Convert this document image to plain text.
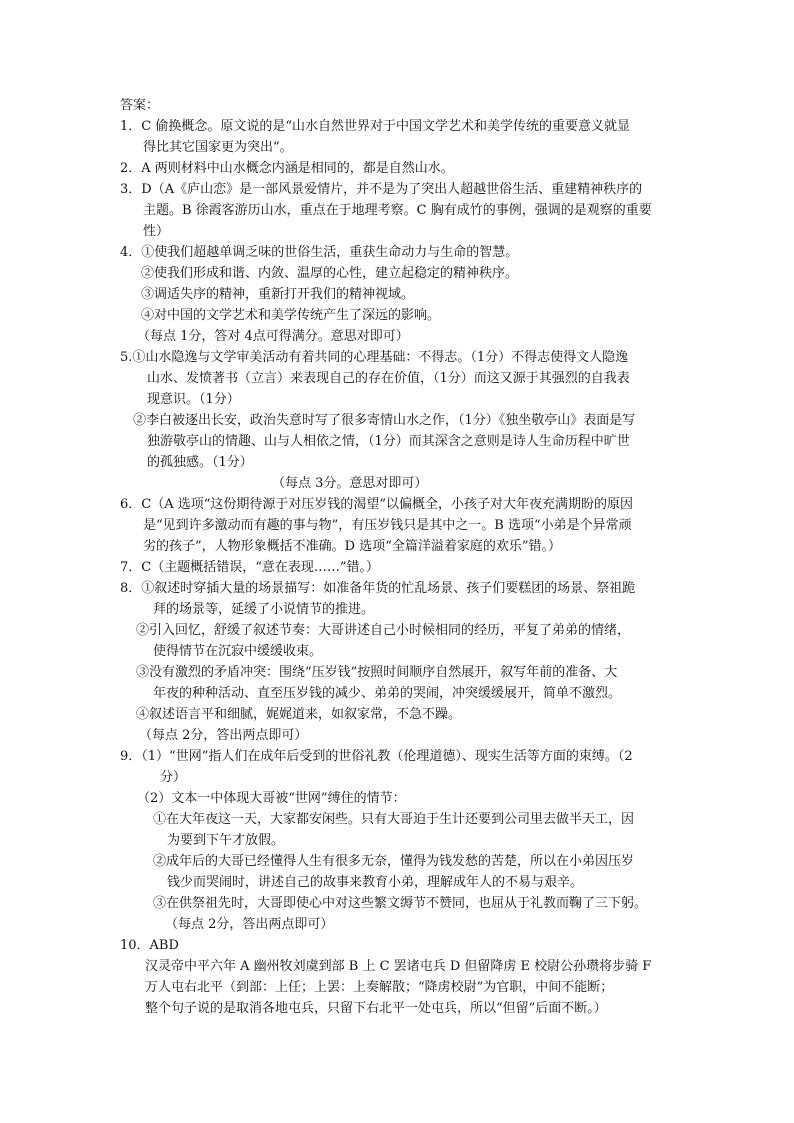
答案：
1．C 偷换概念。原文说的是“山水自然世界对于中国文学艺术和美学传统的重要意义就显
得比其它国家更为突出”。
2．A 两则材料中山水概念内涵是相同的，都是自然山水。
3．D（A《庐山恋》是一部风景爱情片，并不是为了突出人超越世俗生活、重建精神秩序的
主题。B 徐霞客游历山水，重点在于地理考察。C 胸有成竹的事例，强调的是观察的重要
性）
4．①使我们超越单调乏味的世俗生活，重获生命动力与生命的智慧。
②使我们形成和谐、内敛、温厚的心性，建立起稳定的精神秩序。
③调适失序的精神，重新打开我们的精神视域。
④对中国的文学艺术和美学传统产生了深远的影响。
（每点 1分，答对 4点可得满分。意思对即可）
5.①山水隐逸与文学审美活动有着共同的心理基础：不得志。（1分）不得志使得文人隐逸
山水、发愤著书（立言）来表现自己的存在价值，（1分）而这又源于其强烈的自我表
现意识。（1分）
②李白被逐出长安，政治失意时写了很多寄情山水之作，（1分）《独坐敬亭山》表面是写
独游敬亭山的情趣、山与人相依之情，（1分）而其深含之意则是诗人生命历程中旷世
的孤独感。（1分）
（每点 3分。意思对即可）
6．C（A 选项“这份期待源于对压岁钱的渴望”以偏概全，小孩子对大年夜充满期盼的原因
是“见到许多激动而有趣的事与物”，有压岁钱只是其中之一。B 选项“小弟是个异常顽
劣的孩子”，人物形象概括不准确。D 选项“全篇洋溢着家庭的欢乐”错。）
7．C（主题概括错误，“意在表现……”错。）
8．①叙述时穿插大量的场景描写：如准备年货的忙乱场景、孩子们要糕团的场景、祭祖跪
拜的场景等，延缓了小说情节的推进。
②引入回忆，舒缓了叙述节奏：大哥讲述自己小时候相同的经历，平复了弟弟的情绪，
使得情节在沉寂中缓缓收束。
③没有激烈的矛盾冲突：围绕“压岁钱”按照时间顺序自然展开，叙写年前的准备、大
年夜的种种活动、直至压岁钱的减少、弟弟的哭闹，冲突缓缓展开，简单不激烈。
④叙述语言平和细腻，娓娓道来，如叙家常，不急不躁。
（每点 2分，答出两点即可）
9．（1）“世网”指人们在成年后受到的世俗礼教（伦理道德）、现实生活等方面的束缚。（2
分）
（2）文本一中体现大哥被“世网”缚住的情节：
①在大年夜这一天，大家都安闲些。只有大哥迫于生计还要到公司里去做半天工，因
为要到下午才放假。
②成年后的大哥已经懂得人生有很多无奈，懂得为钱发愁的苦楚，所以在小弟因压岁
钱少而哭闹时，讲述自己的故事来教育小弟，理解成年人的不易与艰辛。
③在供祭祖先时，大哥即使心中对这些繁文缛节不赞同，也屈从于礼教而鞠了三下躬。
（每点 2分，答出两点即可）
10．ABD
汉灵帝中平六年 A 幽州牧刘虞到部 B 上 C 罢诸屯兵 D 但留降虏 E 校尉公孙瓒将步骑 F
万人屯右北平（到部：上任；上罢：上奏解散；“降虏校尉”为官职，中间不能断；
整个句子说的是取消各地屯兵，只留下右北平一处屯兵，所以“但留”后面不断。）
